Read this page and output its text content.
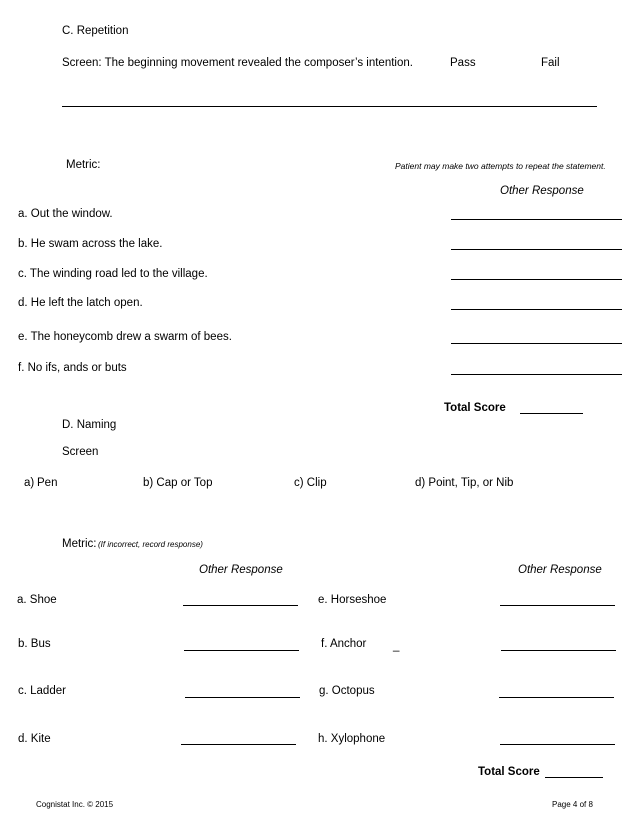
C. Repetition
Screen: The beginning movement revealed the composer’s intention.	Pass	Fail
Metric:	Patient may make two attempts to repeat the statement.
Other Response
a. Out the window.
b. He swam across the lake.
c. The winding road led to the village.
d. He left the latch open.
e. The honeycomb drew a swarm of bees.
f. No ifs, ands or buts
Total Score
D. Naming
Screen
a) Pen	b) Cap or Top	c) Clip	d) Point, Tip, or Nib
Metric: (If incorrect, record response)
Other Response	Other Response
a. Shoe	e. Horseshoe
b. Bus	f. Anchor _
c. Ladder	g. Octopus
d. Kite	h. Xylophone
Total Score
Cognistat Inc. © 2015	Page 4 of 8
